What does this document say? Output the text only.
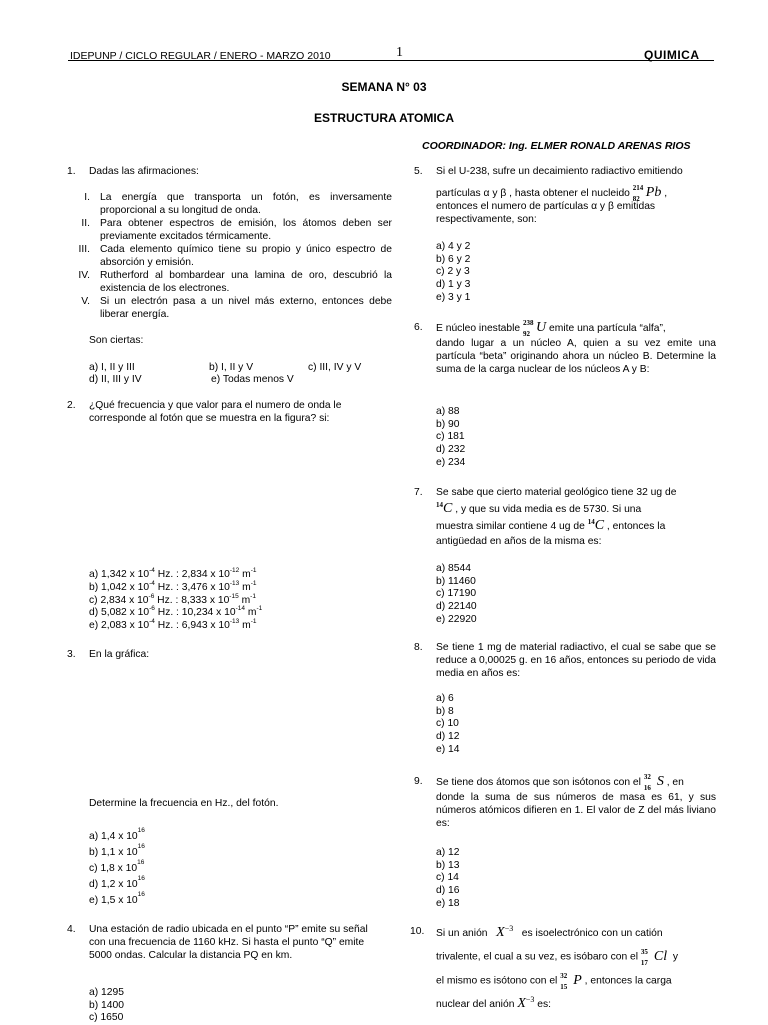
IDEPUNP / CICLO REGULAR / ENERO - MARZO 2010	1	QUIMICA
SEMANA N° 03
ESTRUCTURA ATOMICA
COORDINADOR: Ing. ELMER RONALD ARENAS RIOS
1. Dadas las afirmaciones:
I. La energía que transporta un fotón, es inversamente proporcional a su longitud de onda.
II. Para obtener espectros de emisión, los átomos deben ser previamente excitados térmicamente.
III. Cada elemento químico tiene su propio y único espectro de absorción y emisión.
IV. Rutherford al bombardear una lamina de oro, descubrió la existencia de los electrones.
V. Si un electrón pasa a un nivel más externo, entonces debe liberar energía.
Son ciertas:
a) I, II y III	b) I, II y V	c) III, IV y V
d) II, III y IV	e) Todas menos V
2. ¿Qué frecuencia y que valor para el numero de onda le corresponde al fotón que se muestra en la figura? si:
a) 1,342 x $10^{-4}$ Hz. : 2,834 x $10^{-12}$ $m^{-1}$
b) 1,042 x $10^{-4}$ Hz. : 3,476 x $10^{-13}$ $m^{-1}$
c) 2,834 x $10^{-6}$ Hz. : 8,333 x $10^{-15}$ $m^{-1}$
d) 5,082 x $10^{-6}$ Hz. : 10,234 x $10^{-14}$ $m^{-1}$
e) 2,083 x $10^{-4}$ Hz. : 6,943 x $10^{-13}$ $m^{-1}$
3. En la gráfica:
Determine la frecuencia en Hz., del fotón.
a) 1,4 x $10^{16}$
b) 1,1 x $10^{16}$
c) 1,8 x $10^{16}$
d) 1,2 x $10^{16}$
e) 1,5 x $10^{16}$
4. Una estación de radio ubicada en el punto “P” emite su señal con una frecuencia de 1160 kHz. Si hasta el punto “Q” emite 5000 ondas. Calcular la distancia PQ en km.
a) 1295
b) 1400
c) 1650
5. Si el U-238, sufre un decaimiento radiactivo emitiendo
partículas α y β , hasta obtener el nucleido
214
82 Pb ,
entonces el numero de partículas α y β emitidas respectivamente, son:
a) 4 y 2
b) 6 y 2
c) 2 y 3
d) 1 y 3
e) 3 y 1
6. E núcleo inestable
238
92 U emite una partícula “alfa”,
dando lugar a un núcleo A, quien a su vez emite una partícula “beta” originando ahora un núcleo B. Determine la suma de la carga nuclear de los núcleos A y B:
a) 88
b) 90
c) 181
d) 232
e) 234
7. Se sabe que cierto material geológico tiene 32 ug de
$^{14}$C , y que su vida media es de 5730. Si una
muestra similar contiene 4 ug de $^{14}$C , entonces la
antigüedad en años de la misma es:
a) 8544
b) 11460
c) 17190
d) 22140
e) 22920
8. Se tiene 1 mg de material radiactivo, el cual se sabe que se reduce a 0,00025 g. en 16 años, entonces su periodo de vida media en años es:
a) 6
b) 8
c) 10
d) 12
e) 14
9. Se tiene dos átomos que son isótonos con el
32
16 S , en
donde la suma de sus números de masa es 61, y sus números atómicos difieren en 1. El valor de Z del más liviano es:
a) 12
b) 13
c) 14
d) 16
e) 18
10. Si un anión $X^{-3}$ es isoelectrónico con un catión
trivalente, el cual a su vez, es isóbaro con el 35
17 Cl y
el mismo es isótono con el 32
15 P , entonces la carga
nuclear del anión $X^{-3}$ es:
